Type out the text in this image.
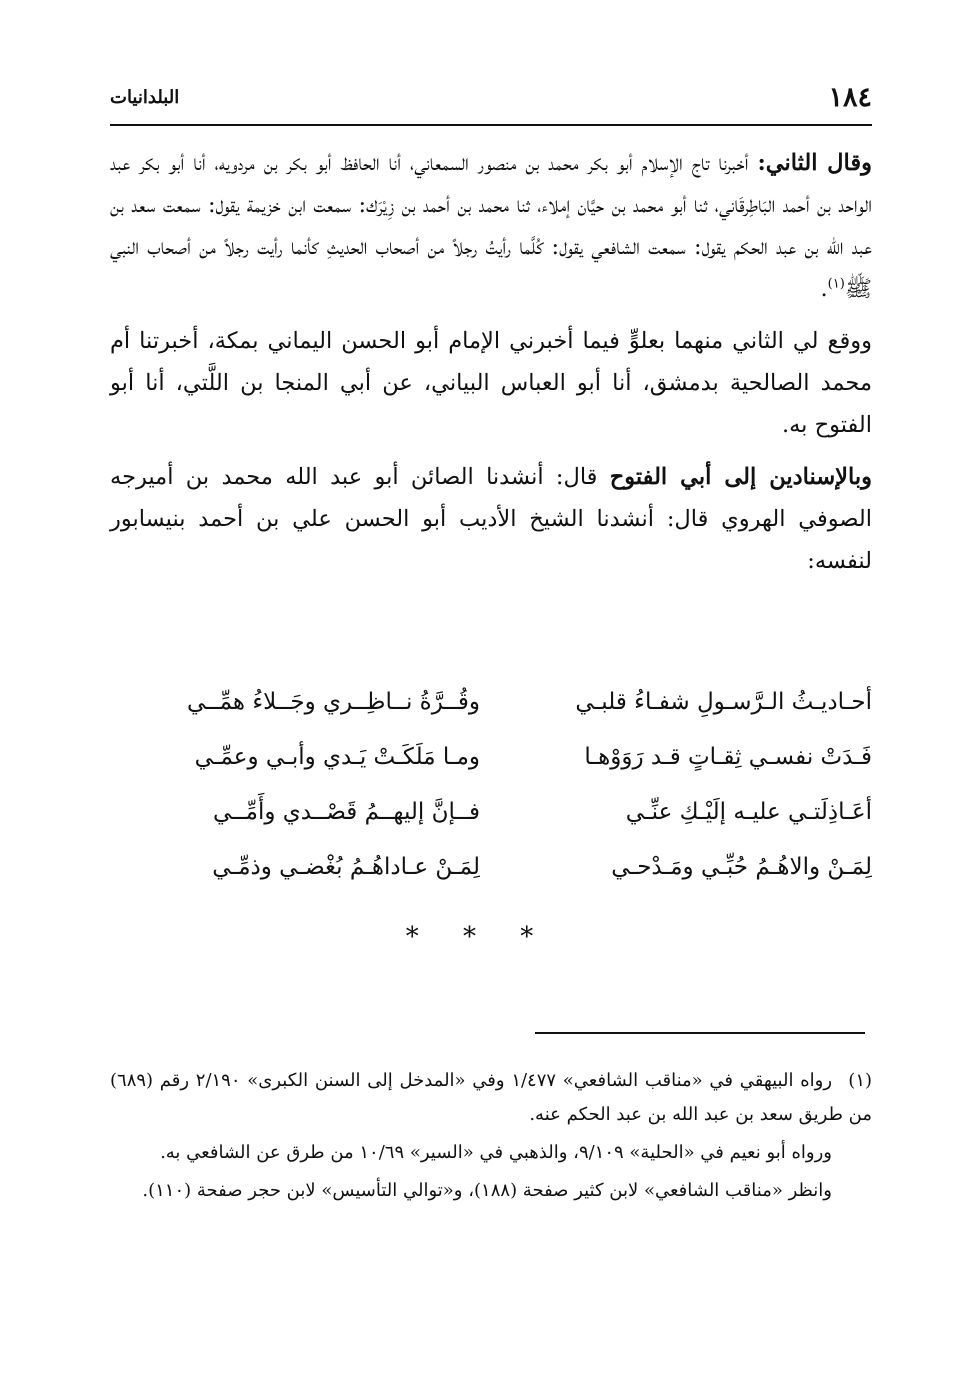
١٨٤
البلدانيات

وقال الثاني: أخبرنا تاج الإسلام أبو بكر محمد بن منصور السمعاني، أنا الحافظ أبو بكر بن مردويه، أنا أبو بكر عبد الواحد بن أحمد البَاطِرقَاني، ثنا أبو محمد بن حيَّان إملاء، ثنا محمد بن أحمد بن زِيْرَك: سمعت ابن خزيمة يقول: سمعت سعد بن عبد الله بن عبد الحكم يقول: سمعت الشافعي يقول: كُلَّما رأيتُ رجلاً من أصحاب الحديثِ كأنما رأيت رجلاً من أصحاب النبي ﷺ$^{(١)}$.

ووقع لي الثاني منهما بعلوٍّ فيما أخبرني الإمام أبو الحسن اليماني بمكة، أخبرتنا أم محمد الصالحية بدمشق، أنا أبو العباس البياني، عن أبي المنجا بن اللَّتي، أنا أبو الفتوح به.

وبالإسنادين إلى أبي الفتوح قال: أنشدنا الصائن أبو عبد الله محمد بن أميرجه الصوفي الهروي قال: أنشدنا الشيخ الأديب أبو الحسن علي بن أحمد بنيسابور لنفسه:

أحـاديـثُ الـرَّسـولِ شفـاءُ قلبـي
وقُــرَّةُ نــاظِــري وجَــلاءُ همِّــي
فَـدَتْ نفسـي ثِقـاتٍ قـد رَوَوْهـا
ومـا مَلَكَـتْ يَـدي وأبـي وعمِّـي
أعَـاذِلَتـي عليـه إلَيْـكِ عنِّـي
فــإنَّ إليهــمُ قَصْــدي وأَمِّــي
لِمَـنْ والاهُـمُ حُبِّـي ومَـدْحـي
لِمَـنْ عـاداهُـمُ بُغْضـي وذمِّـي
* * *

(١)رواه البيهقي في «مناقب الشافعي» ١/٤٧٧ وفي «المدخل إلى السنن الكبرى» ٢/١٩٠ رقم (٦٨٩) من طريق سعد بن عبد الله بن عبد الحكم عنه.

ورواه أبو نعيم في «الحلية» ٩/١٠٩، والذهبي في «السير» ١٠/٦٩ من طرق عن الشافعي به.

وانظر «مناقب الشافعي» لابن كثير صفحة (١٨٨)، و«توالي التأسيس» لابن حجر صفحة (١١٠).
